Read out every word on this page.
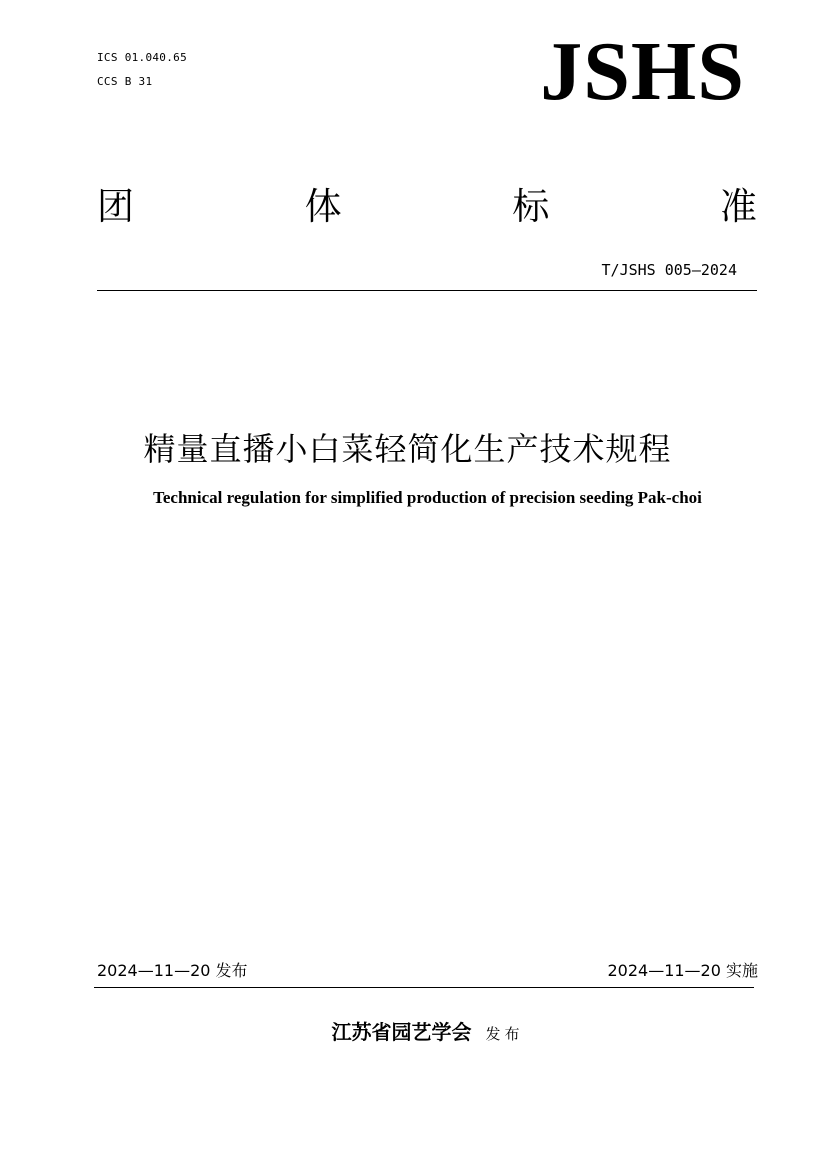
ICS 01.040.65
CCS B 31	JSHS
团	体	标	准
T/JSHS 005—2024
精量直播小白菜轻简化生产技术规程
Technical regulation for simplified production of precision seeding Pak-choi
2024—11—20 发布	2024—11—20 实施
江苏省园艺学会 发布
